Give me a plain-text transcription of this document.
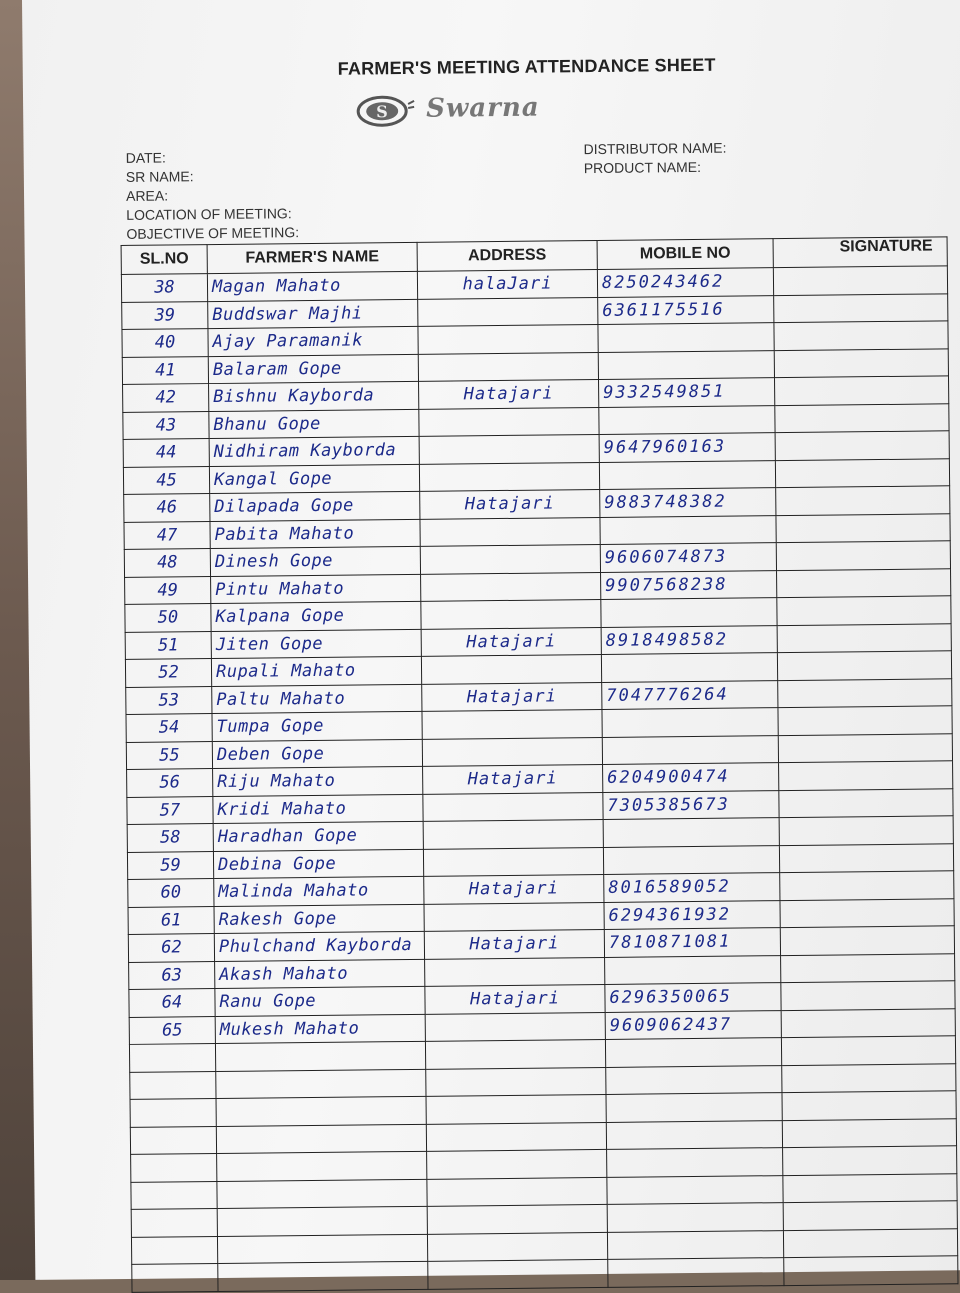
FARMER'S MEETING ATTENDANCE SHEET
S Swarna
DATE:
SR NAME:
AREA:
LOCATION OF MEETING:
OBJECTIVE OF MEETING:
DISTRIBUTOR NAME:
PRODUCT NAME:
SL.NO	FARMER'S NAME	ADDRESS	MOBILE NO	SIGNATURE
38	Magan Mahato	halaJari	8250243462	
39	Buddswar Majhi		6361175516	
40	Ajay Paramanik			
41	Balaram Gope			
42	Bishnu Kayborda	Hatajari	9332549851	
43	Bhanu Gope			
44	Nidhiram Kayborda		9647960163	
45	Kangal Gope			
46	Dilapada Gope	Hatajari	9883748382	
47	Pabita Mahato			
48	Dinesh Gope		9606074873	
49	Pintu Mahato		9907568238	
50	Kalpana Gope			
51	Jiten Gope	Hatajari	8918498582	
52	Rupali Mahato			
53	Paltu Mahato	Hatajari	7047776264	
54	Tumpa Gope			
55	Deben Gope			
56	Riju Mahato	Hatajari	6204900474	
57	Kridi Mahato		7305385673	
58	Haradhan Gope			
59	Debina Gope			
60	Malinda Mahato	Hatajari	8016589052	
61	Rakesh Gope		6294361932	
62	Phulchand Kayborda	Hatajari	7810871081	
63	Akash Mahato			
64	Ranu Gope	Hatajari	6296350065	
65	Mukesh Mahato		9609062437	
